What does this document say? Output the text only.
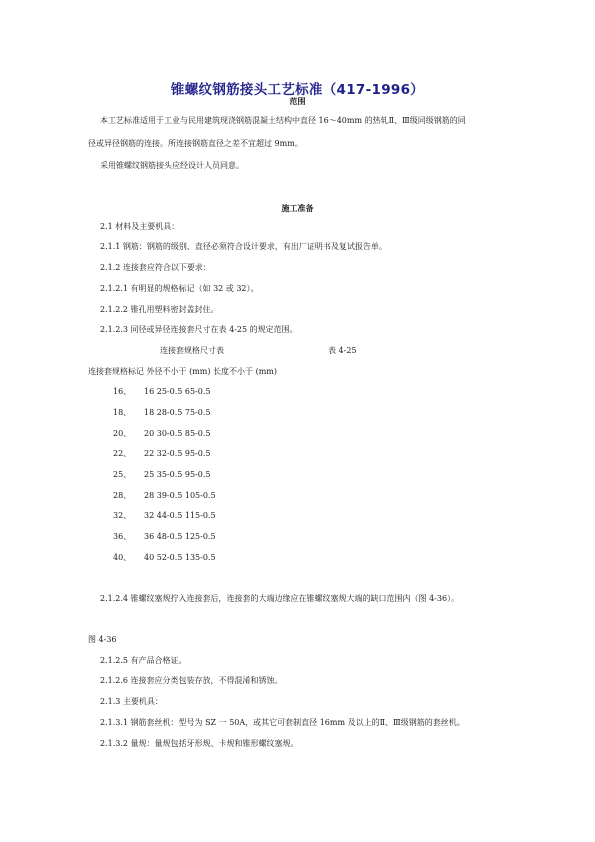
锥螺纹钢筋接头工艺标准（417-1996）
范围
本工艺标准适用于工业与民用建筑现浇钢筋混凝土结构中直径 16～40mm 的热轧Ⅱ、Ⅲ级同级钢筋的同
径或异径钢筋的连接。所连接钢筋直径之差不宜超过 9mm。
采用锥螺纹钢筋接头应经设计人员同意。
施工准备
2.1 材料及主要机具：
2.1.1 钢筋：钢筋的级别、直径必须符合设计要求，有出厂证明书及复试报告单。
2.1.2 连接套应符合以下要求：
2.1.2.1 有明显的规格标记（如 32 或 32）。
2.1.2.2 锥孔用塑料密封盖封住。
2.1.2.3 同径或异径连接套尺寸在表 4-25 的规定范围。
连接套规格尺寸表	表 4-25
连接套规格标记 外径不小于 (mm) 长度不小于 (mm)
16、 16 25-0.5 65-0.5
18、 18 28-0.5 75-0.5
20、 20 30-0.5 85-0.5
22、 22 32-0.5 95-0.5
25、 25 35-0.5 95-0.5
28、 28 39-0.5 105-0.5
32、 32 44-0.5 115-0.5
36、 36 48-0.5 125-0.5
40、 40 52-0.5 135-0.5
2.1.2.4 锥螺纹塞规拧入连接套后，连接套的大端边缘应在锥螺纹塞规大端的缺口范围内（图 4-36）。
图 4-36
2.1.2.5 有产品合格证。
2.1.2.6 连接套应分类包装存放，不得混淆和锈蚀。
2.1.3 主要机具：
2.1.3.1 钢筋套丝机：型号为 SZ 一 50A，或其它可套制直径 16mm 及以上的Ⅱ、Ⅲ级钢筋的套丝机。
2.1.3.2 量规：量规包括牙形规、卡规和锥形螺纹塞规。
